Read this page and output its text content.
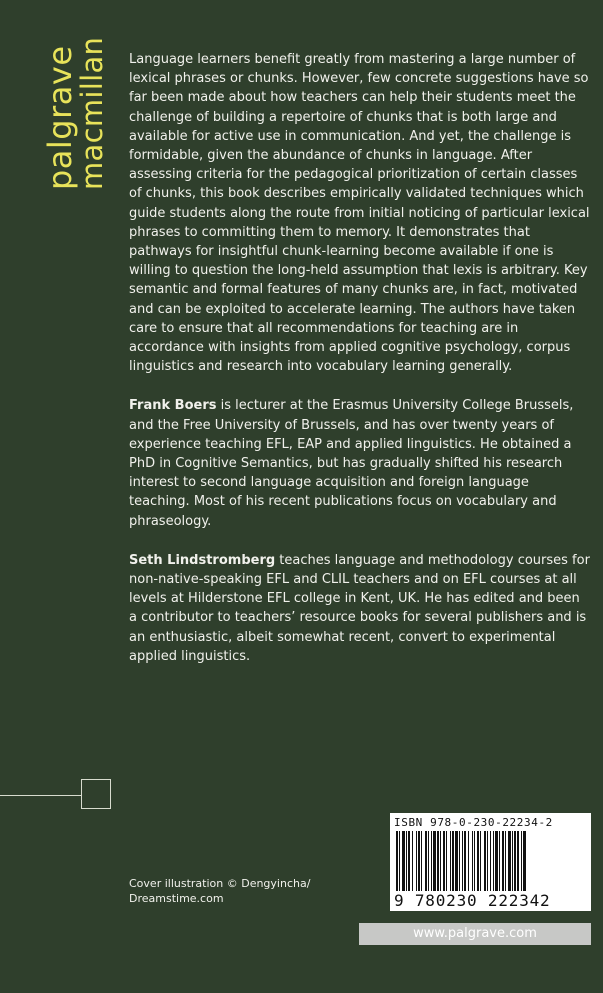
palgrave
macmillan Language learners benefit greatly from mastering a large number of lexical phrases or chunks. However, few concrete suggestions have so far been made about how teachers can help their students meet the challenge of building a repertoire of chunks that is both large and available for active use in communication. And yet, the challenge is formidable, given the abundance of chunks in language. After assessing criteria for the pedagogical prioritization of certain classes of chunks, this book describes empirically validated techniques which guide students along the route from initial noticing of particular lexical phrases to committing them to memory. It demonstrates that pathways for insightful chunk-learning become available if one is willing to question the long-held assumption that lexis is arbitrary. Key semantic and formal features of many chunks are, in fact, motivated and can be exploited to accelerate learning. The authors have taken care to ensure that all recommendations for teaching are in accordance with insights from applied cognitive psychology, corpus linguistics and research into vocabulary learning generally.

Frank Boers is lecturer at the Erasmus University College Brussels, and the Free University of Brussels, and has over twenty years of experience teaching EFL, EAP and applied linguistics. He obtained a PhD in Cognitive Semantics, but has gradually shifted his research interest to second language acquisition and foreign language teaching. Most of his recent publications focus on vocabulary and phraseology.

Seth Lindstromberg teaches language and methodology courses for non-native-speaking EFL and CLIL teachers and on EFL courses at all levels at Hilderstone EFL college in Kent, UK. He has edited and been a contributor to teachers’ resource books for several publishers and is an enthusiastic, albeit somewhat recent, convert to experimental applied linguistics.

Cover illustration © Dengyincha/
Dreamstime.com
ISBN 978-0-230-22234-2
9 780230 222342
www.palgrave.com
